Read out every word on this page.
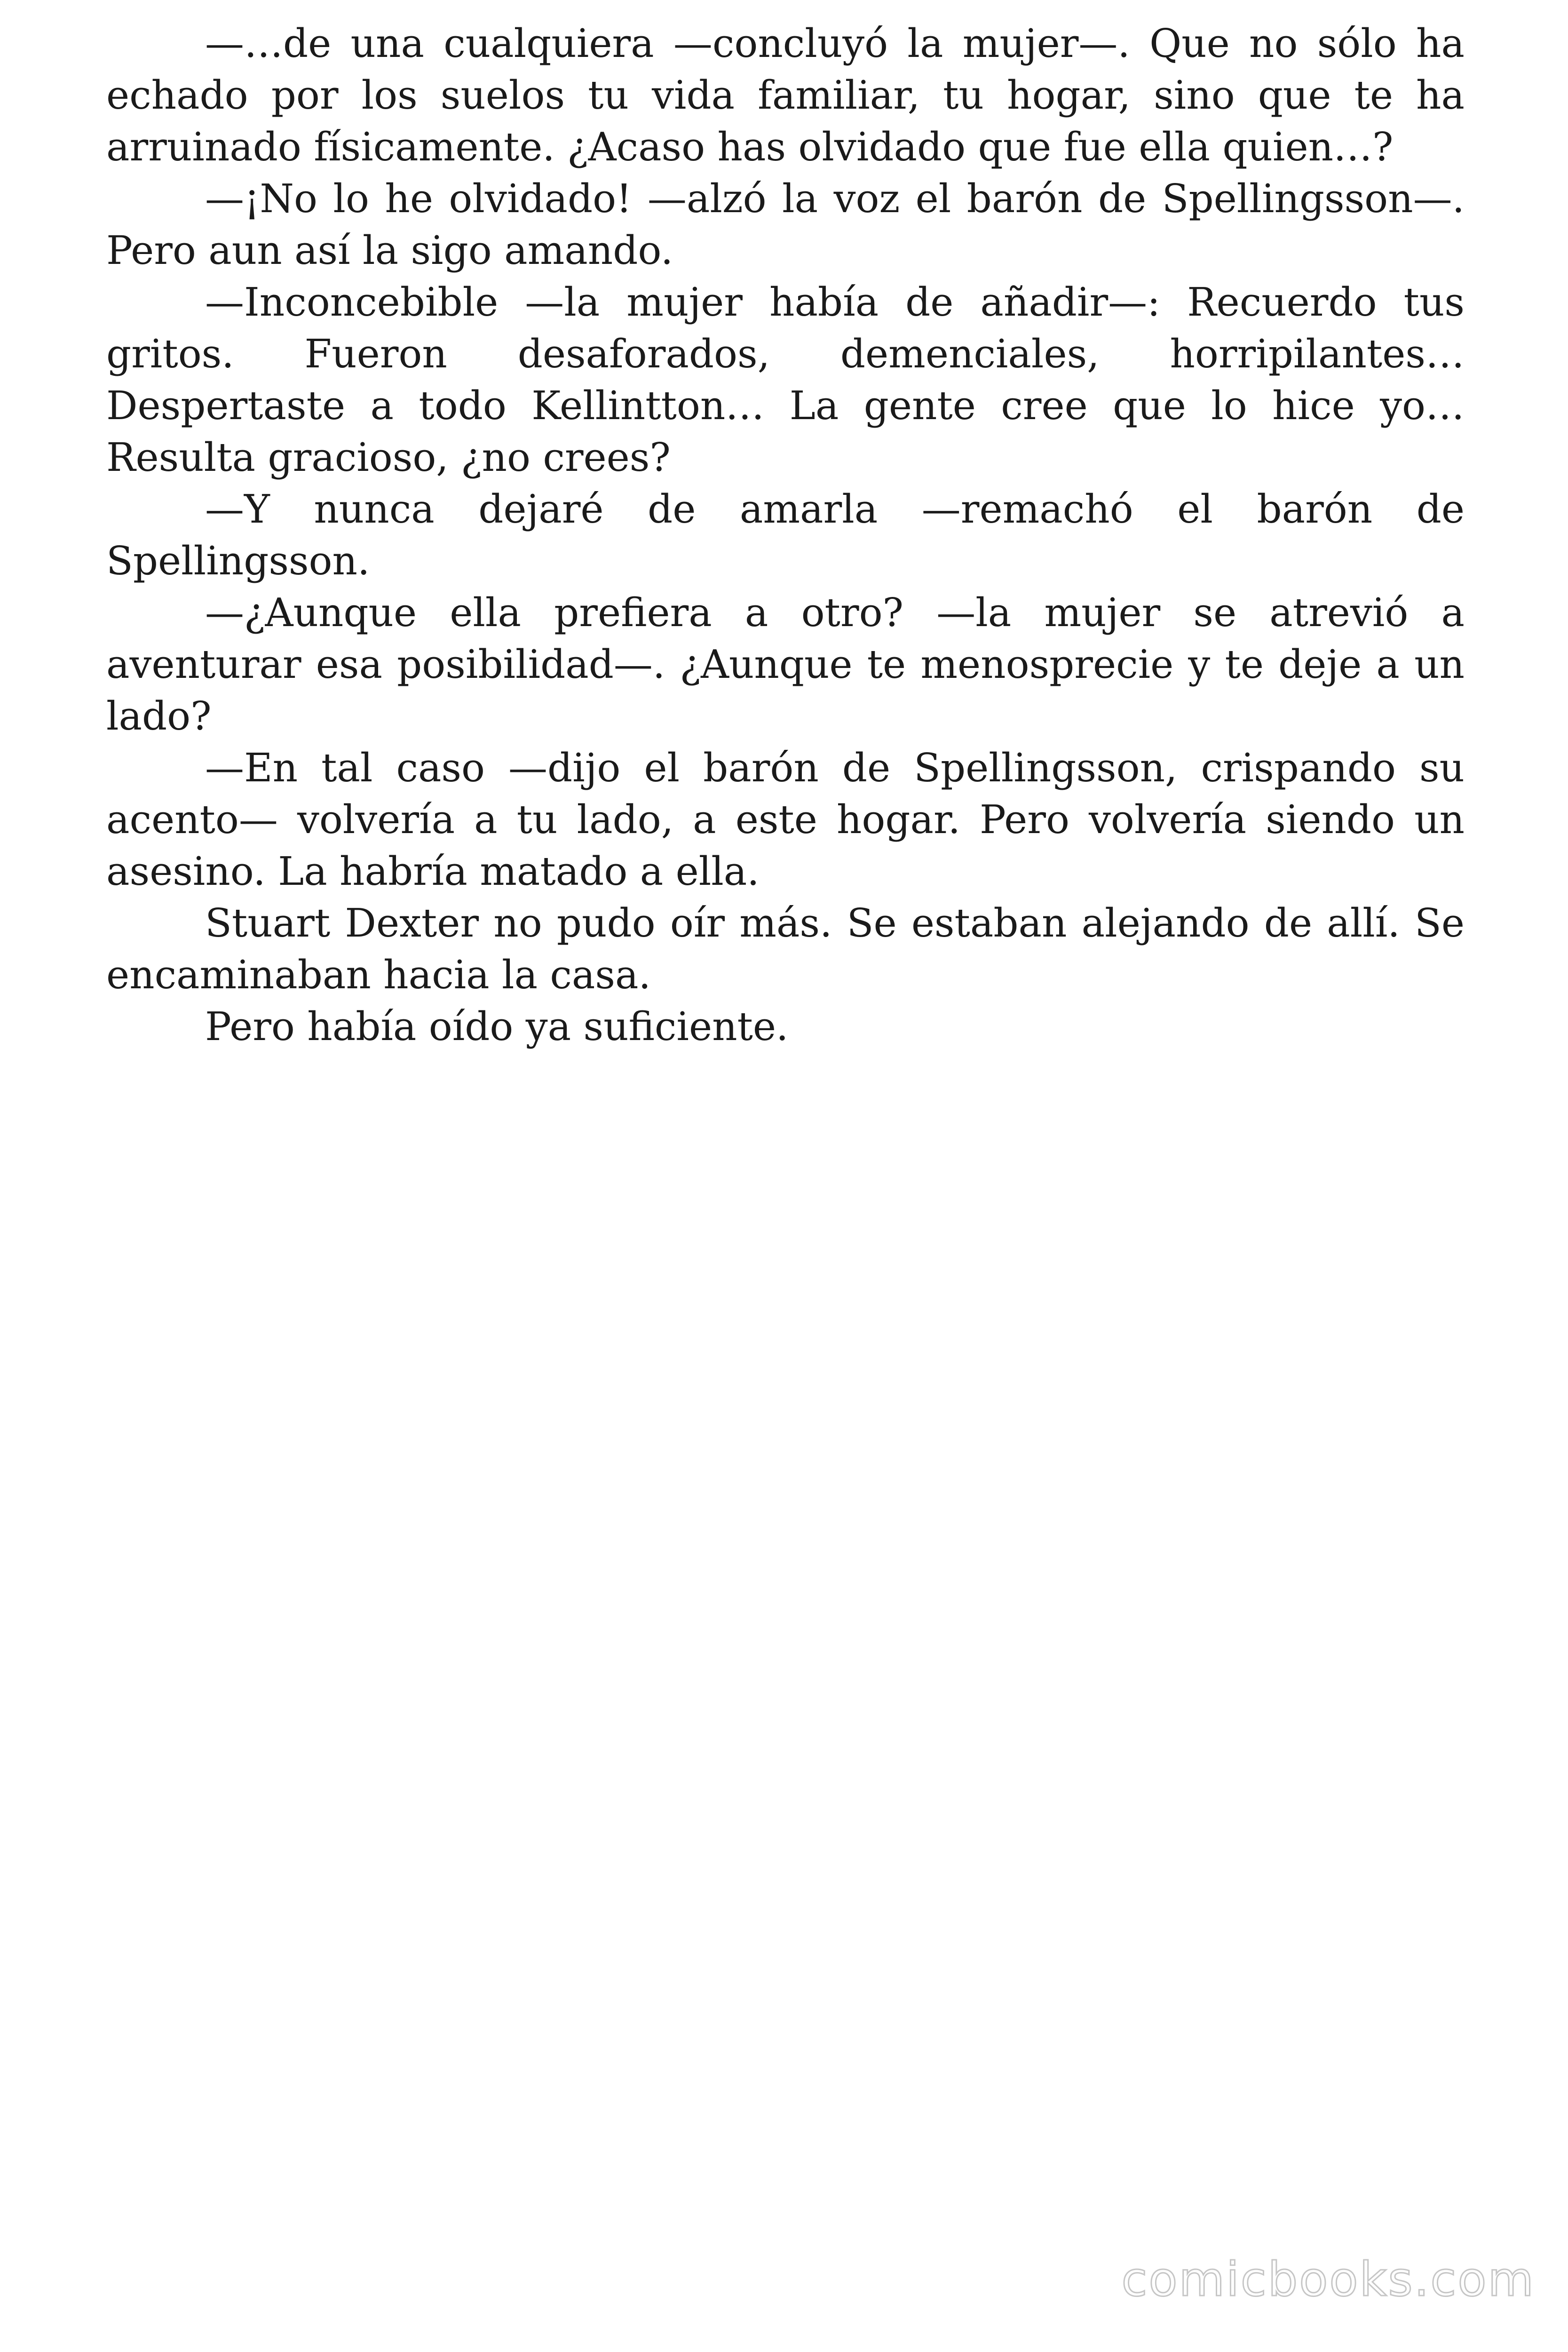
—…de una cualquiera —concluyó la mujer—. Que no sólo ha echado por los suelos tu vida familiar, tu hogar, sino que te ha arruinado físicamente. ¿Acaso has olvidado que fue ella quien…?

—¡No lo he olvidado! —alzó la voz el barón de Spellingsson—. Pero aun así la sigo amando.

—Inconcebible —la mujer había de añadir—: Recuerdo tus gritos. Fueron desaforados, demenciales, horripilantes… Despertaste a todo Kellintton… La gente cree que lo hice yo… Resulta gracioso, ¿no crees?

—Y nunca dejaré de amarla —remachó el barón de Spellingsson.

—¿Aunque ella prefiera a otro? —la mujer se atrevió a aventurar esa posibilidad—. ¿Aunque te menosprecie y te deje a un lado?

—En tal caso —dijo el barón de Spellingsson, crispando su acento— volvería a tu lado, a este hogar. Pero volvería siendo un asesino. La habría matado a ella.

Stuart Dexter no pudo oír más. Se estaban alejando de allí. Se encaminaban hacia la casa.

Pero había oído ya suficiente.

comicbooks.com
